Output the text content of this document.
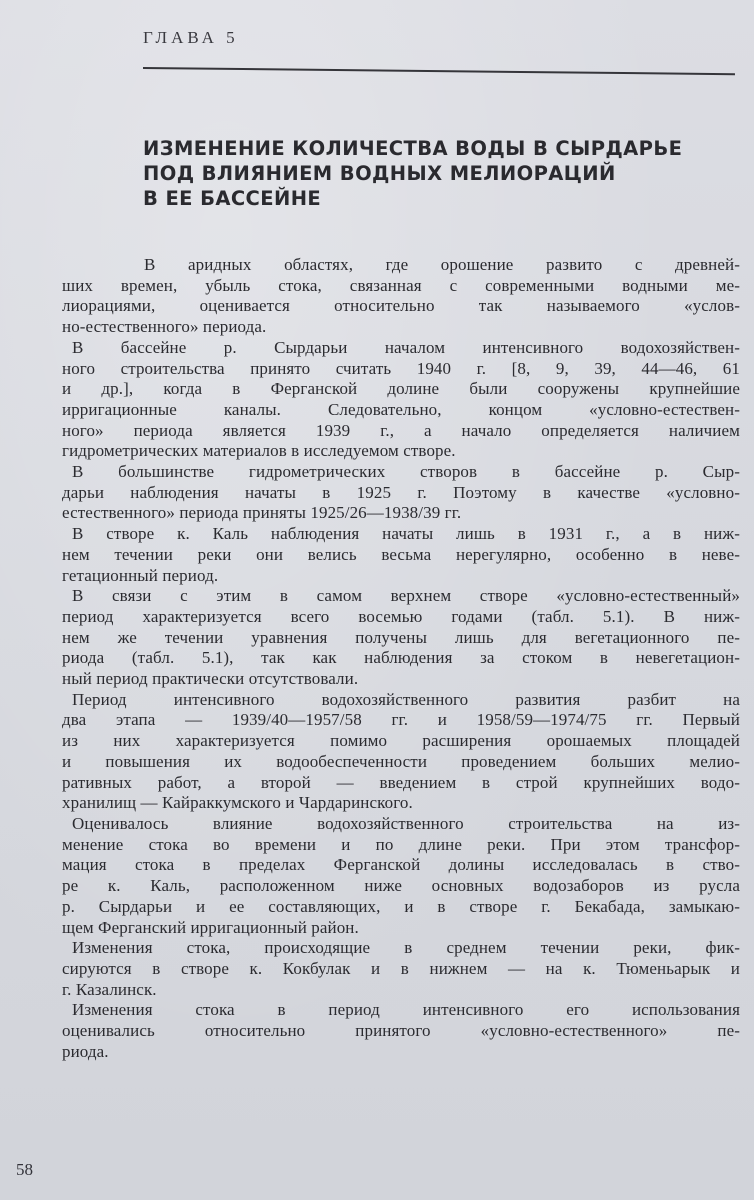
ГЛАВА 5
ИЗМЕНЕНИЕ КОЛИЧЕСТВА ВОДЫ В СЫРДАРЬЕ
ПОД ВЛИЯНИЕМ ВОДНЫХ МЕЛИОРАЦИЙ
В ЕЕ БАССЕЙНЕ
В аридных областях, где орошение развито с древней-
ших времен, убыль стока, связанная с современными водными ме-
лиорациями, оценивается относительно так называемого «услов-
но-естественного» периода.
В бассейне р. Сырдарьи началом интенсивного водохозяйствен-
ного строительства принято считать 1940 г. [8, 9, 39, 44—46, 61
и др.], когда в Ферганской долине были сооружены крупнейшие
ирригационные каналы. Следовательно, концом «условно-естествен-
ного» периода является 1939 г., а начало определяется наличием
гидрометрических материалов в исследуемом створе.
В большинстве гидрометрических створов в бассейне р. Сыр-
дарьи наблюдения начаты в 1925 г. Поэтому в качестве «условно-
естественного» периода приняты 1925/26—1938/39 гг.
В створе к. Каль наблюдения начаты лишь в 1931 г., а в ниж-
нем течении реки они велись весьма нерегулярно, особенно в неве-
гетационный период.
В связи с этим в самом верхнем створе «условно-естественный»
период характеризуется всего восемью годами (табл. 5.1). В ниж-
нем же течении уравнения получены лишь для вегетационного пе-
риода (табл. 5.1), так как наблюдения за стоком в невегетацион-
ный период практически отсутствовали.
Период интенсивного водохозяйственного развития разбит на
два этапа — 1939/40—1957/58 гг. и 1958/59—1974/75 гг. Первый
из них характеризуется помимо расширения орошаемых площадей
и повышения их водообеспеченности проведением больших мелио-
ративных работ, а второй — введением в строй крупнейших водо-
хранилищ — Кайраккумского и Чардаринского.
Оценивалось влияние водохозяйственного строительства на из-
менение стока во времени и по длине реки. При этом трансфор-
мация стока в пределах Ферганской долины исследовалась в ство-
ре к. Каль, расположенном ниже основных водозаборов из русла
р. Сырдарьи и ее составляющих, и в створе г. Бекабада, замыкаю-
щем Ферганский ирригационный район.
Изменения стока, происходящие в среднем течении реки, фик-
сируются в створе к. Кокбулак и в нижнем — на к. Тюменьарык и
г. Казалинск.
Изменения стока в период интенсивного его использования
оценивались относительно принятого «условно-естественного» пе-
риода.
58
